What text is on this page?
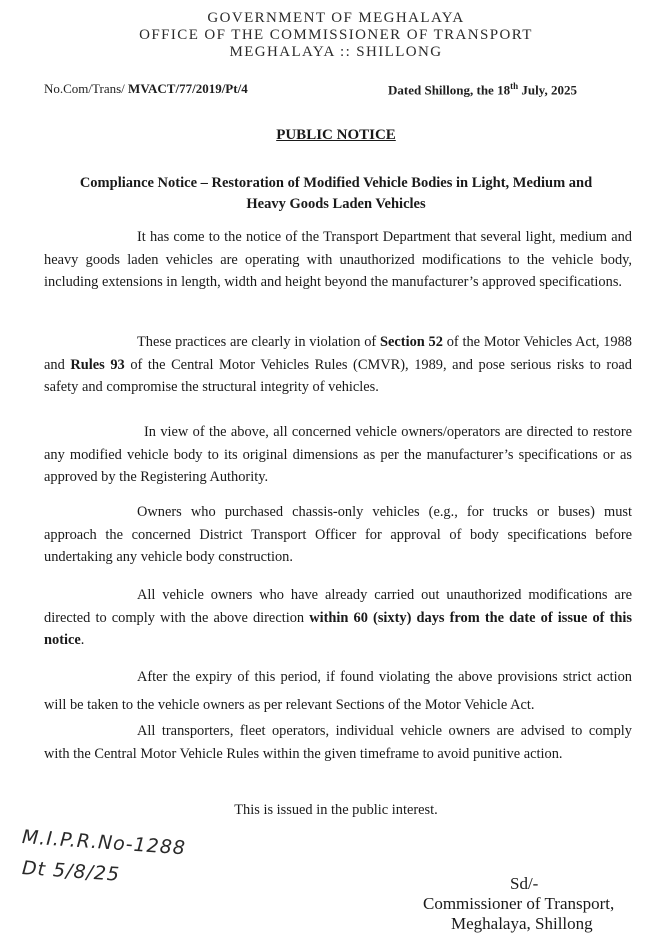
GOVERNMENT OF MEGHALAYA
OFFICE OF THE COMMISSIONER OF TRANSPORT
MEGHALAYA :: SHILLONG
No.Com/Trans/ MVACT/77/2019/Pt/4	Dated Shillong, the 18th July, 2025
PUBLIC NOTICE
Compliance Notice – Restoration of Modified Vehicle Bodies in Light, Medium and
Heavy Goods Laden Vehicles

It has come to the notice of the Transport Department that several light, medium and heavy goods laden vehicles are operating with unauthorized modifications to the vehicle body, including extensions in length, width and height beyond the manufacturer’s approved specifications.

These practices are clearly in violation of Section 52 of the Motor Vehicles Act, 1988 and Rules 93 of the Central Motor Vehicles Rules (CMVR), 1989, and pose serious risks to road safety and compromise the structural integrity of vehicles.

In view of the above, all concerned vehicle owners/operators are directed to restore any modified vehicle body to its original dimensions as per the manufacturer’s specifications or as approved by the Registering Authority.

Owners who purchased chassis-only vehicles (e.g., for trucks or buses) must approach the concerned District Transport Officer for approval of body specifications before undertaking any vehicle body construction.

All vehicle owners who have already carried out unauthorized modifications are directed to comply with the above direction within 60 (sixty) days from the date of issue of this notice.

After the expiry of this period, if found violating the above provisions strict action will be taken to the vehicle owners as per relevant Sections of the Motor Vehicle Act.

All transporters, fleet operators, individual vehicle owners are advised to comply with the Central Motor Vehicle Rules within the given timeframe to avoid punitive action.

This is issued in the public interest.
M.I.P.R.No-1288
Dt 5/8/25	Sd/-
Commissioner of Transport,
Meghalaya, Shillong
